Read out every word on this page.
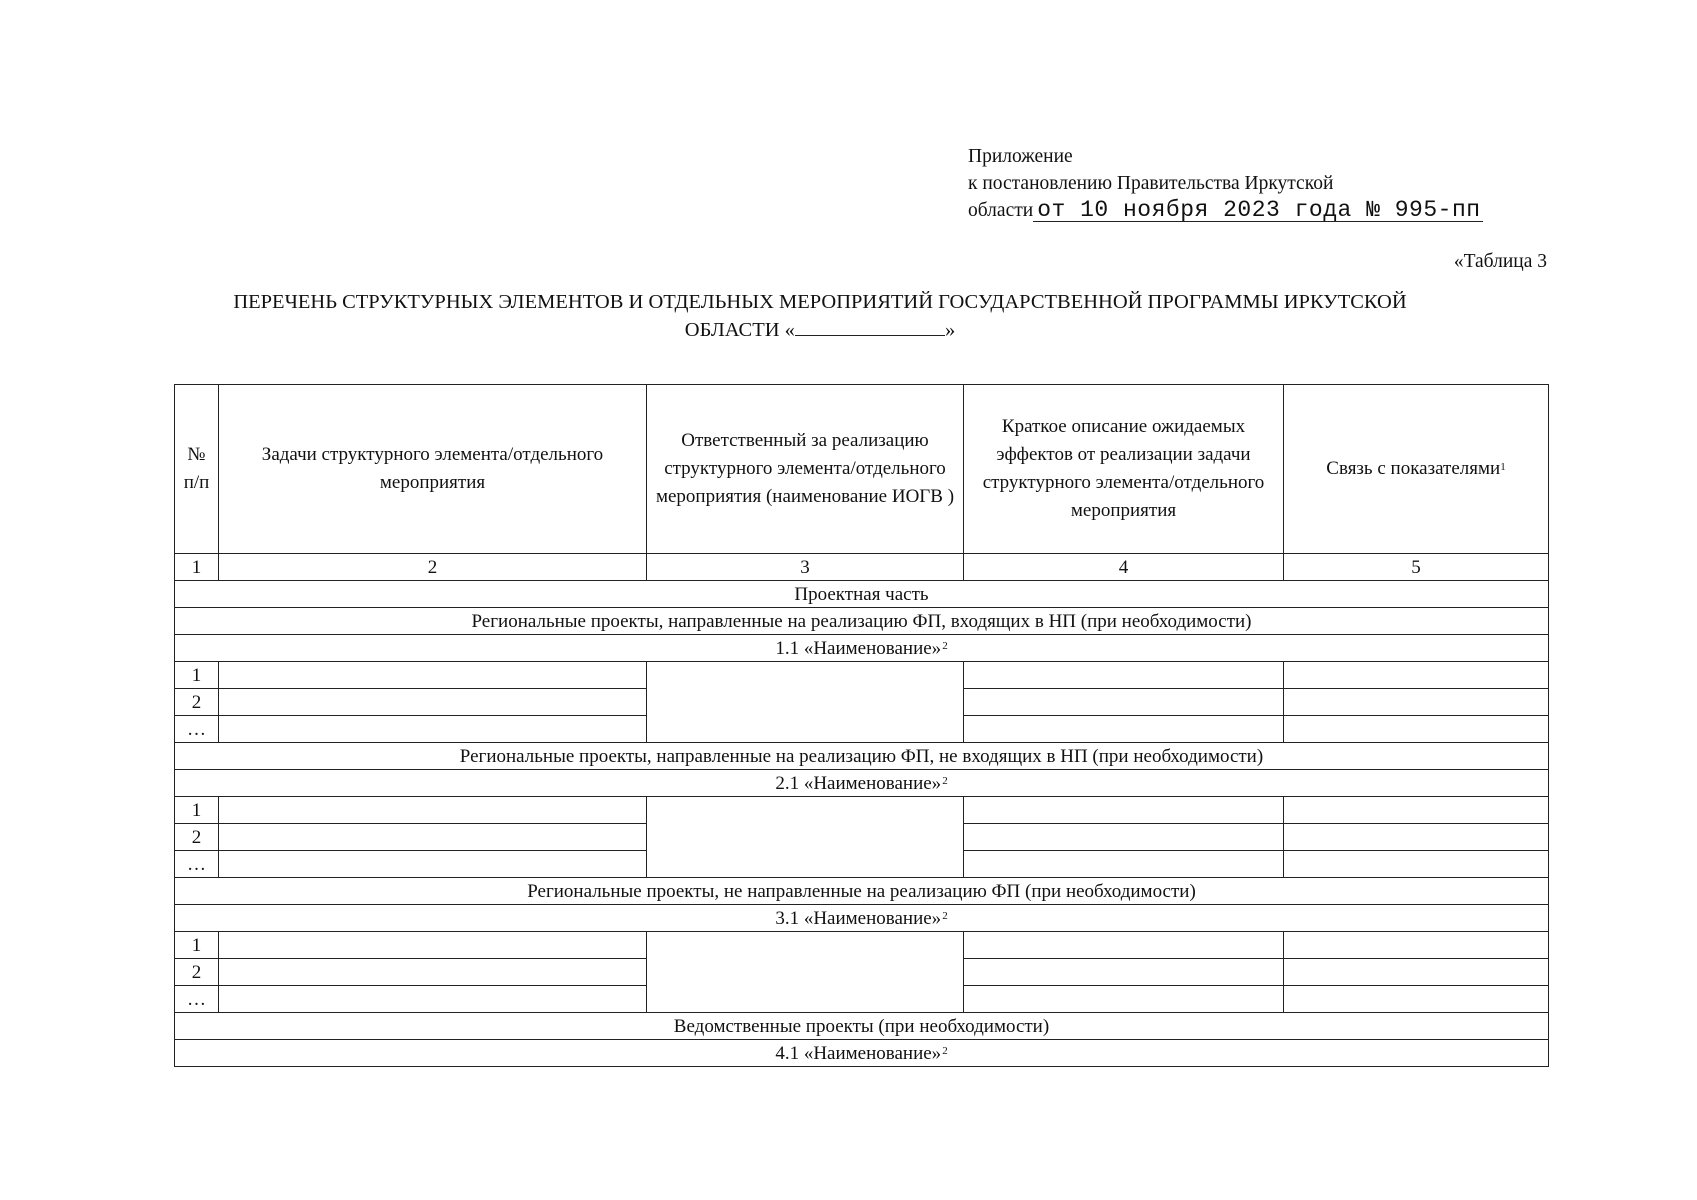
Приложение
к постановлению Правительства Иркутской
области от 10 ноября 2023 года № 995-пп
«Таблица 3
ПЕРЕЧЕНЬ СТРУКТУРНЫХ ЭЛЕМЕНТОВ И ОТДЕЛЬНЫХ МЕРОПРИЯТИЙ ГОСУДАРСТВЕННОЙ ПРОГРАММЫ ИРКУТСКОЙ
ОБЛАСТИ «	»
№ п/п	Задачи структурного элемента/отдельного мероприятия	Ответственный за реализацию структурного элемента/отдельного мероприятия (наименование ИОГВ )	Краткое описание ожидаемых эффектов от реализации задачи структурного элемента/отдельного мероприятия	Связь с показателями$^1$
1	2	3	4	5
Проектная часть				
Региональные проекты, направленные на реализацию ФП, входящих в НП (при необходимости)				
1.1 «Наименование»$^2$
1				
2				
…				
Региональные проекты, направленные на реализацию ФП, не входящих в НП (при необходимости)				
2.1 «Наименование»$^2$
1				
2				
…				
Региональные проекты, не направленные на реализацию ФП (при необходимости)				
3.1 «Наименование»$^2$
1				
2				
…				
Ведомственные проекты (при необходимости)				
4.1 «Наименование»$^2$
